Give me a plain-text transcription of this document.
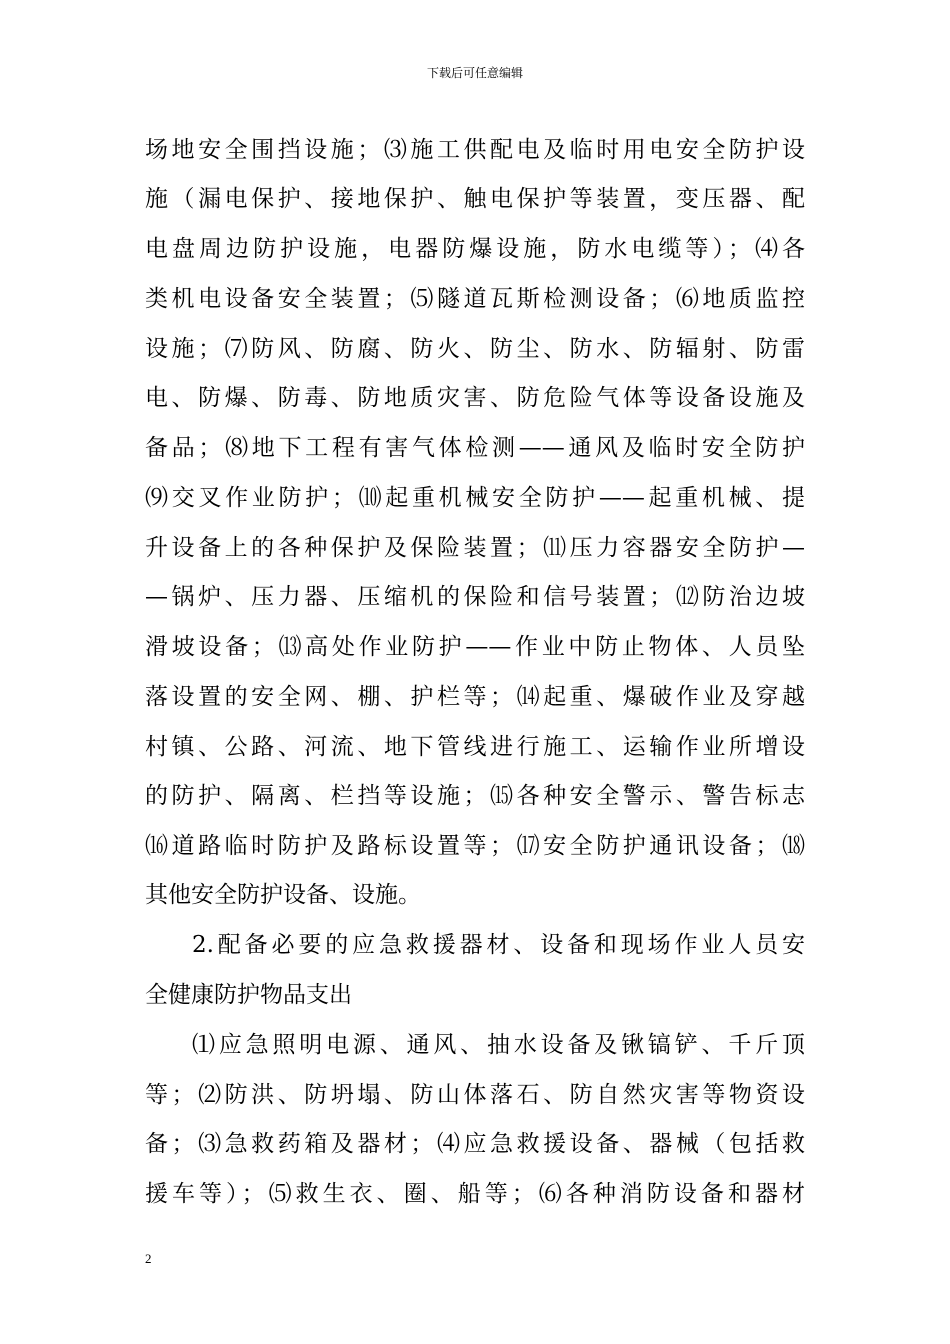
下载后可任意编辑
场地安全围挡设施；⑶施工供配电及临时用电安全防护设
施（漏电保护、接地保护、触电保护等装置，变压器、配
电盘周边防护设施，电器防爆设施，防水电缆等）；⑷各
类机电设备安全装置；⑸隧道瓦斯检测设备；⑹地质监控
设施；⑺防风、防腐、防火、防尘、防水、防辐射、防雷
电、防爆、防毒、防地质灾害、防危险气体等设备设施及
备品；⑻地下工程有害气体检测——通风及临时安全防护
⑼交叉作业防护；⑽起重机械安全防护——起重机械、提
升设备上的各种保护及保险装置；⑾压力容器安全防护—
—锅炉、压力器、压缩机的保险和信号装置；⑿防治边坡
滑坡设备；⒀高处作业防护——作业中防止物体、人员坠
落设置的安全网、棚、护栏等；⒁起重、爆破作业及穿越
村镇、公路、河流、地下管线进行施工、运输作业所增设
的防护、隔离、栏挡等设施；⒂各种安全警示、警告标志
⒃道路临时防护及路标设置等；⒄安全防护通讯设备；⒅
其他安全防护设备、设施。
2.配备必要的应急救援器材、设备和现场作业人员安
全健康防护物品支出
⑴应急照明电源、通风、抽水设备及锹镐铲、千斤顶
等；⑵防洪、防坍塌、防山体落石、防自然灾害等物资设
备；⑶急救药箱及器材；⑷应急救援设备、器械（包括救
援车等）；⑸救生衣、圈、船等；⑹各种消防设备和器材
2
